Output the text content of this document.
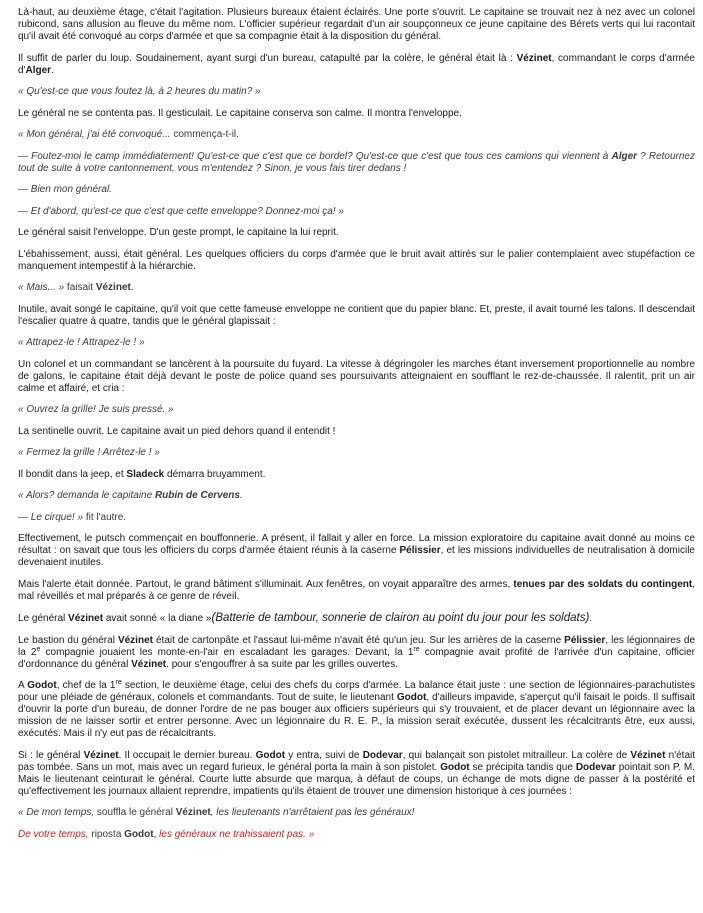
Là-haut, au deuxième étage, c'était l'agitation. Plusieurs bureaux étaient éclairés. Une porte s'ouvrit. Le capitaine se trouvait nez à nez avec un colonel rubicond, sans allusion au fleuve du même nom. L'officier supérieur regardait d'un air soupçonneux ce jeune capitaine des Bérets verts qui lui racontait qu'il avait été convoqué au corps d'armée et que sa compagnie était à la disposition du général.

Il suffit de parler du loup. Soudainement, ayant surgi d'un bureau, catapulté par la colère, le général était là : Vézinet, commandant le corps d'armée d'Alger.

« Qu'est-ce que vous foutez là, à 2 heures du matin? »

Le général ne se contenta pas. Il gesticulait. Le capitaine conserva son calme. Il montra l'enveloppe.

« Mon général, j'ai été convoqué... commença-t-il.

— Foutez-moi le camp immédiatement! Qu'est-ce que c'est que ce bordel? Qu'est-ce que c'est que tous ces camions qui viennent à Alger ? Retournez tout de suite à votre cantonnement, vous m'entendez ? Sinon, je vous fais tirer dedans !

— Bien mon général.

— Et d'abord, qu'est-ce que c'est que cette enveloppe? Donnez-moi ça! »

Le général saisit l'enveloppe. D'un geste prompt, le capitaine la lui reprit.

L'ébahissement, aussi, était général. Les quelques officiers du corps d'armée que le bruit avait attirés sur le palier contemplaient avec stupéfaction ce manquement intempestif à la hiérarchie.

« Mais... » faisait Vézinet.

Inutile, avait songé le capitaine, qu'il voit que cette fameuse enveloppe ne contient que du papier blanc. Et, preste, il avait tourné les talons. Il descendait l'escalier quatre à quatre, tandis que le général glapissait :

« Attrapez-le ! Attrapez-le ! »

Un colonel et un commandant se lancèrent à la poursuite du fuyard. La vitesse à dégringoler les marches étant inversement proportionnelle au nombre de galons, le capitaine était déjà devant le poste de police quand ses poursuivants atteignaient en soufflant le rez-de-chaussée. Il ralentit, prit un air calme et affairé, et cria :

« Ouvrez la grille! Je suis pressé. »

La sentinelle ouvrit. Le capitaine avait un pied dehors quand il entendit !

« Fermez la grille ! Arrêtez-le ! »

Il bondit dans la jeep, et Sladeck démarra bruyamment.

« Alors? demanda le capitaine Rubin de Cervens.

— Le cirque! » fit l'autre.

Effectivement, le putsch commençait en bouffonnerie. A présent, il fallait y aller en force. La mission exploratoire du capitaine avait donné au moins ce résultat : on savait que tous les officiers du corps d'armée étaient réunis à la caserne Pélissier, et les missions individuelles de neutralisation à domicile devenaient inutiles.

Mais l'alerte était donnée. Partout, le grand bâtiment s'illuminait. Aux fenêtres, on voyait apparaître des armes, tenues par des soldats du contingent, mal réveillés et mal préparés à ce genre de réveil.

Le général Vézinet avait sonné « la diane »(Batterie de tambour, sonnerie de clairon au point du jour pour les soldats).

Le bastion du général Vézinet était de cartonpâte et l'assaut lui-même n'avait été qu'un jeu. Sur les arrières de la caserne Pélissier, les légionnaires de la 2e compagnie jouaient les monte-en-l'air en escaladant les garages. Devant, la 1re compagnie avait profité de l'arrivée d'un capitaine, officier d'ordonnance du général Vézinet. pour s'engouffrer à sa suite par les grilles ouvertes.

A Godot, chef de la 1re section, le deuxième étage, celui des chefs du corps d'armée. La balance était juste : une section de légionnaires-parachutistes pour une pléiade de généraux, colonels et commandants. Tout de suite, le lieutenant Godot, d'ailleurs impavide, s'aperçut qu'il faisait le poids. Il suffisait d'ouvrir la porte d'un bureau, de donner l'ordre de ne pas bouger aux officiers supérieurs qui s'y trouvaient, et de placer devant un légionnaire avec la mission de ne laisser sortir et entrer personne. Avec un légionnaire du R. E. P., la mission serait exécutée, dussent les récalcitrants être, eux aussi, exécutés. Mais il n'y eut pas de récalcitrants.

Si : le général Vézinet. Il occupait le dernier bureau. Godot y entra, suivi de Dodevar, qui balançait son pistolet mitrailleur. La colère de Vézinet n'était pas tombée. Sans un mot, mais avec un regard furieux, le général porta la main à son pistolet. Godot se précipita tandis que Dodevar pointait son P. M. Mais le lieutenant ceinturait le général. Courte lutte absurde que marqua, à défaut de coups, un échange de mots digne de passer à la postérité et qu'effectivement les journaux allaient reprendre, impatients qu'ils étaient de trouver une dimension historique à ces journées :

« De mon temps, souffla le général Vézinet, les lieutenants n'arrêtaient pas les généraux!

De votre temps, riposta Godot, les généraux ne trahissaient pas. »
